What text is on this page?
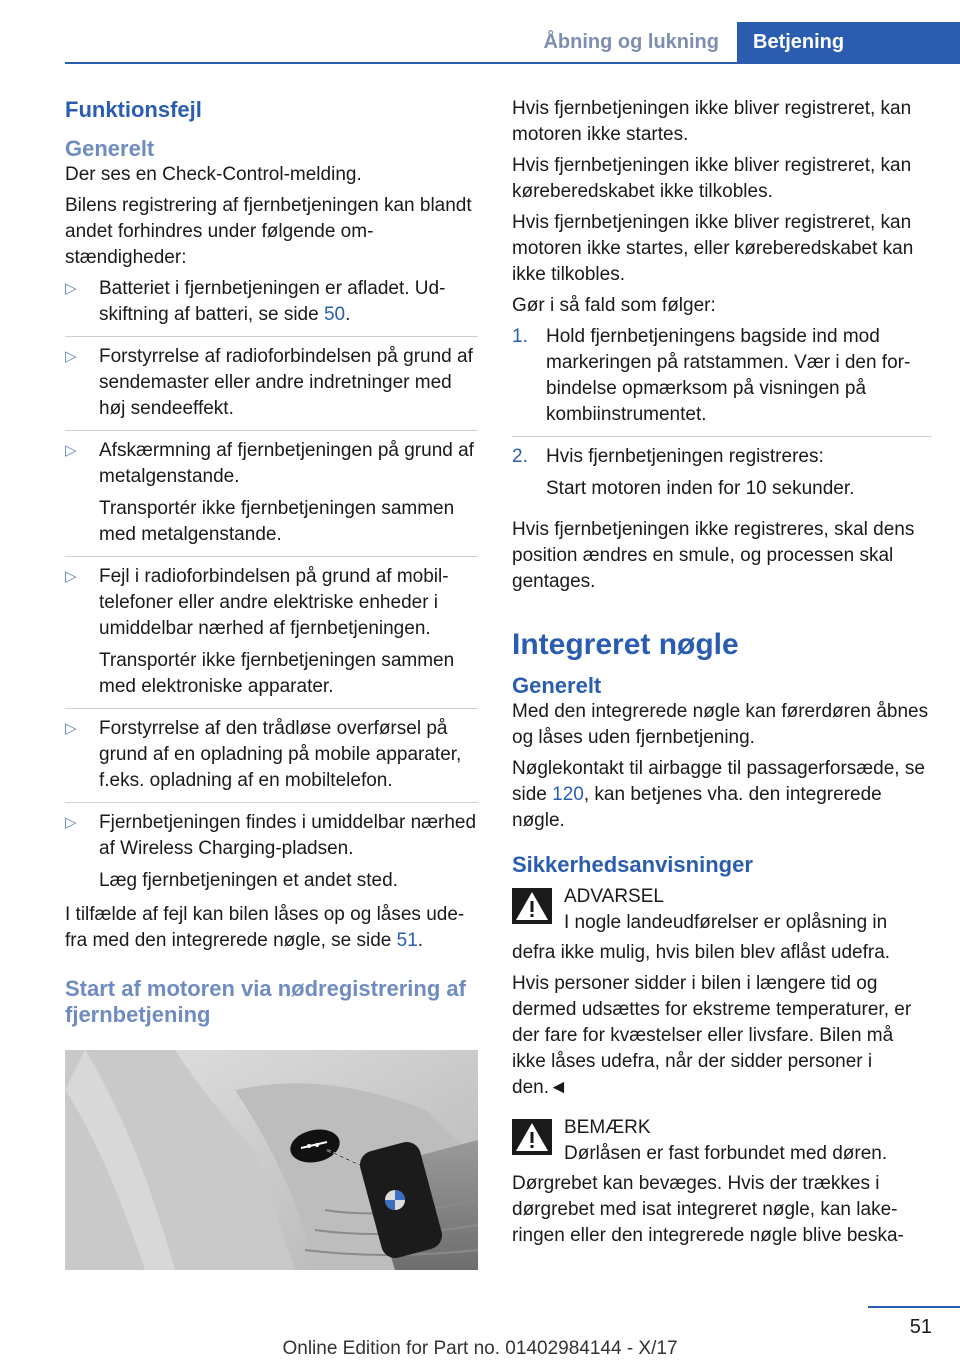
Åbning og lukning	Betjening
Funktionsfejl
Generelt

Der ses en Check-Control-melding.

Bilens registrering af fjernbetjeningen kan blandt andet forhindres under følgende omstændigheder:

▷ Batteriet i fjernbetjeningen er afladet. Udskiftning af batteri, se side 50.
▷ Forstyrrelse af radioforbindelsen på grund af sendemaster eller andre indretninger med høj sendeeffekt.
▷ Afskærmning af fjernbetjeningen på grund af metalgenstande.
Transportér ikke fjernbetjeningen sammen med metalgenstande.
▷ Fejl i radioforbindelsen på grund af mobiltelefoner eller andre elektriske enheder i umiddelbar nærhed af fjernbetjeningen.
Transportér ikke fjernbetjeningen sammen med elektroniske apparater.
▷ Forstyrrelse af den trådløse overførsel på grund af en opladning på mobile apparater, f.eks. opladning af en mobiltelefon.
▷ Fjernbetjeningen findes i umiddelbar nærhed af Wireless Charging-pladsen.
Læg fjernbetjeningen et andet sted.

I tilfælde af fejl kan bilen låses op og låses udefra med den integrerede nøgle, se side 51.

Start af motoren via nødregistrering af fjernbetjening

Hvis fjernbetjeningen ikke bliver registreret, kan motoren ikke startes.

Hvis fjernbetjeningen ikke bliver registreret, kan køreberedskabet ikke tilkobles.

Hvis fjernbetjeningen ikke bliver registreret, kan motoren ikke startes, eller køreberedskabet kan ikke tilkobles.

Gør i så fald som følger:

1. Hold fjernbetjeningens bagside ind mod markeringen på ratstammen. Vær i den forbindelse opmærksom på visningen på kombiinstrumentet.
2. Hvis fjernbetjeningen registreres:
Start motoren inden for 10 sekunder.

Hvis fjernbetjeningen ikke registreres, skal dens position ændres en smule, og processen skal gentages.

Integreret nøgle
Generelt

Med den integrerede nøgle kan førerdøren åbnes og låses uden fjernbetjening.

Nøglekontakt til airbagge til passagerforsæde, se side 120, kan betjenes vha. den integrerede nøgle.

Sikkerhedsanvisninger
ADVARSEL
I nogle landeudførelser er oplåsning in
defra ikke mulig, hvis bilen blev aflåst udefra.

Hvis personer sidder i bilen i længere tid og dermed udsættes for ekstreme temperaturer, er der fare for kvæstelser eller livsfare. Bilen må ikke låses udefra, når der sidder personer i den.◄

BEMÆRK
Dørlåsen er fast forbundet med døren.
Dørgrebet kan bevæges. Hvis der trækkes i dørgrebet med isat integreret nøgle, kan lakeringen eller den integrerede nøgle blive beska-
51
Online Edition for Part no. 01402984144 - X/17
